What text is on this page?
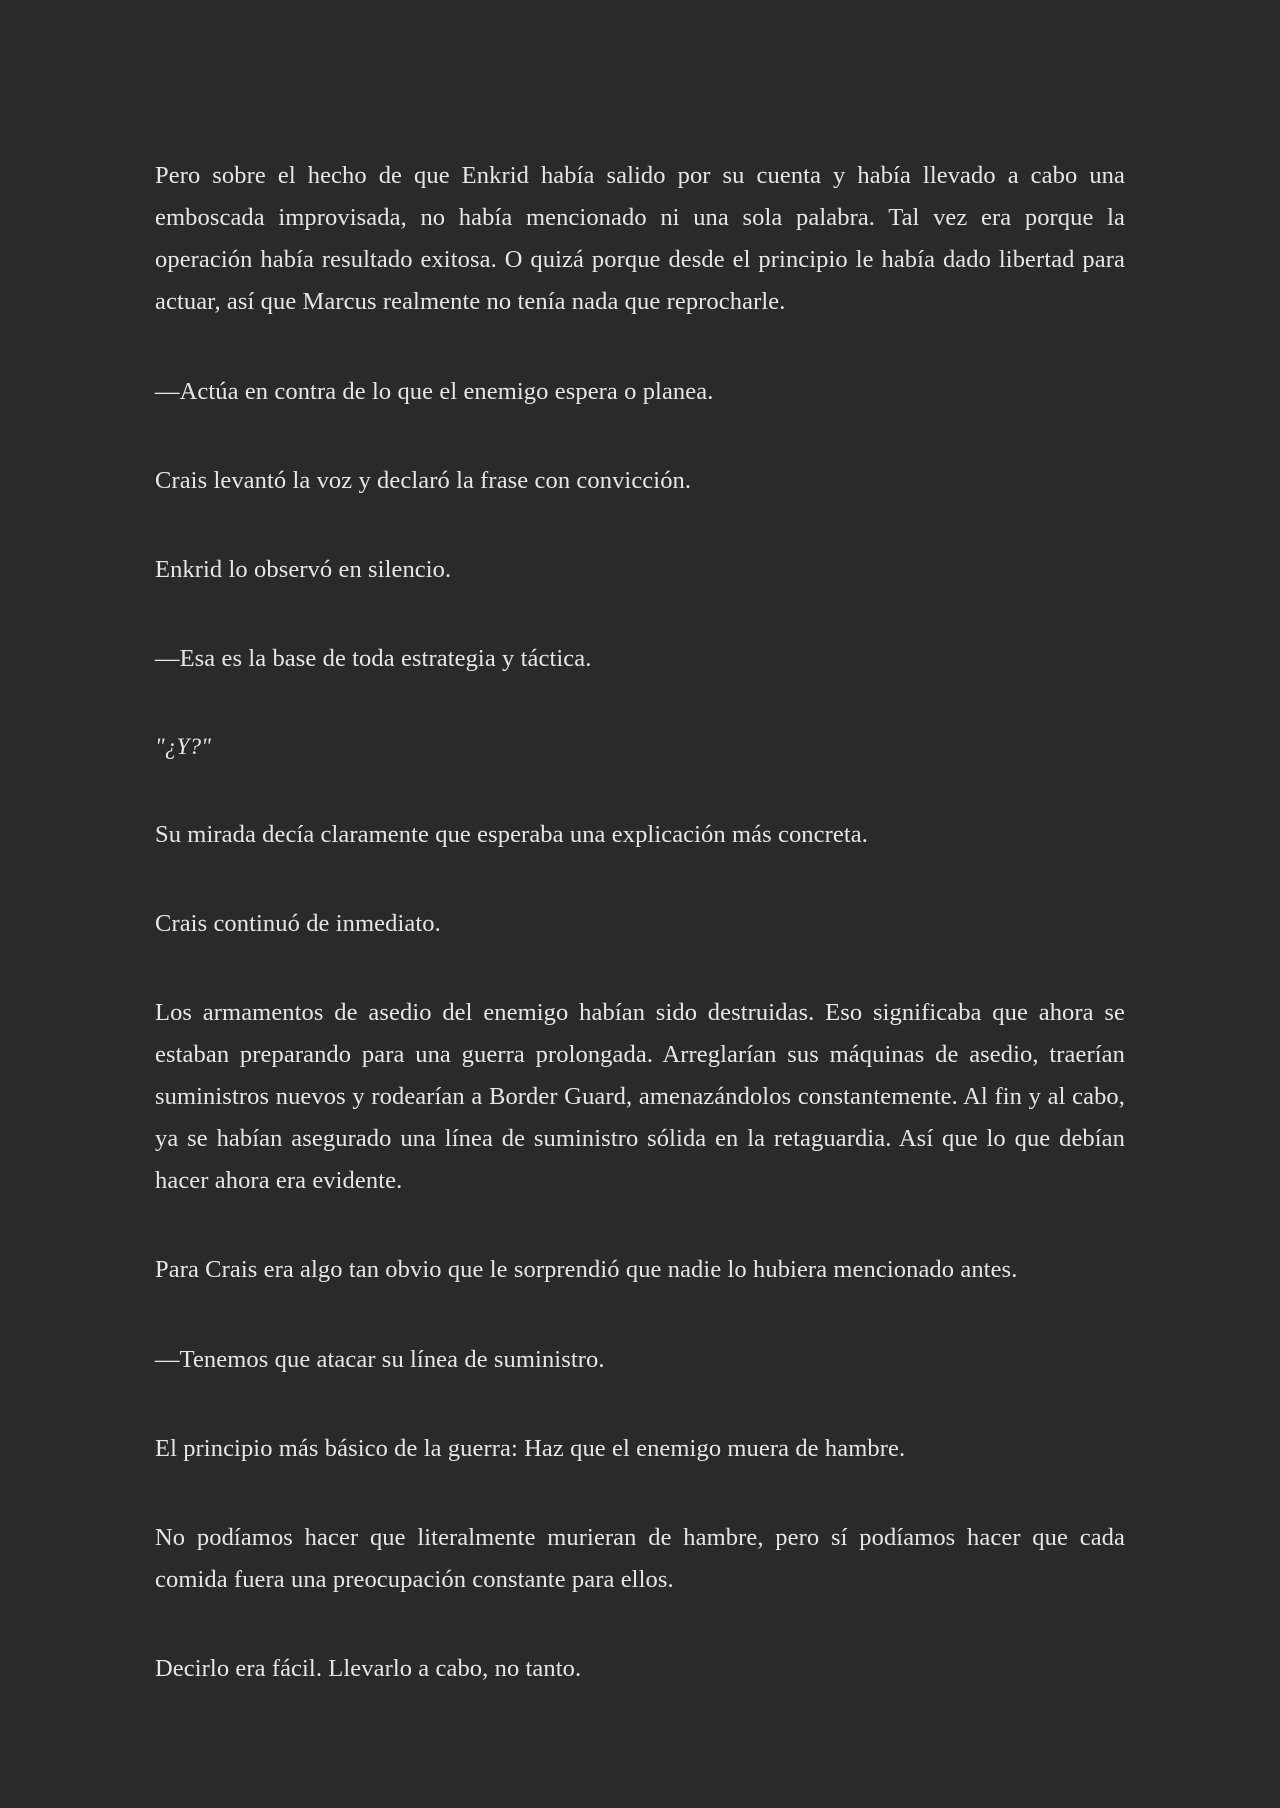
Pero sobre el hecho de que Enkrid había salido por su cuenta y había llevado a cabo una emboscada improvisada, no había mencionado ni una sola palabra. Tal vez era porque la operación había resultado exitosa. O quizá porque desde el principio le había dado libertad para actuar, así que Marcus realmente no tenía nada que reprocharle.

—Actúa en contra de lo que el enemigo espera o planea.

Crais levantó la voz y declaró la frase con convicción.

Enkrid lo observó en silencio.

—Esa es la base de toda estrategia y táctica.

"¿Y?"

Su mirada decía claramente que esperaba una explicación más concreta.

Crais continuó de inmediato.

Los armamentos de asedio del enemigo habían sido destruidas. Eso significaba que ahora se estaban preparando para una guerra prolongada. Arreglarían sus máquinas de asedio, traerían suministros nuevos y rodearían a Border Guard, amenazándolos constantemente. Al fin y al cabo, ya se habían asegurado una línea de suministro sólida en la retaguardia. Así que lo que debían hacer ahora era evidente.

Para Crais era algo tan obvio que le sorprendió que nadie lo hubiera mencionado antes.

—Tenemos que atacar su línea de suministro.

El principio más básico de la guerra: Haz que el enemigo muera de hambre.

No podíamos hacer que literalmente murieran de hambre, pero sí podíamos hacer que cada comida fuera una preocupación constante para ellos.

Decirlo era fácil. Llevarlo a cabo, no tanto.
